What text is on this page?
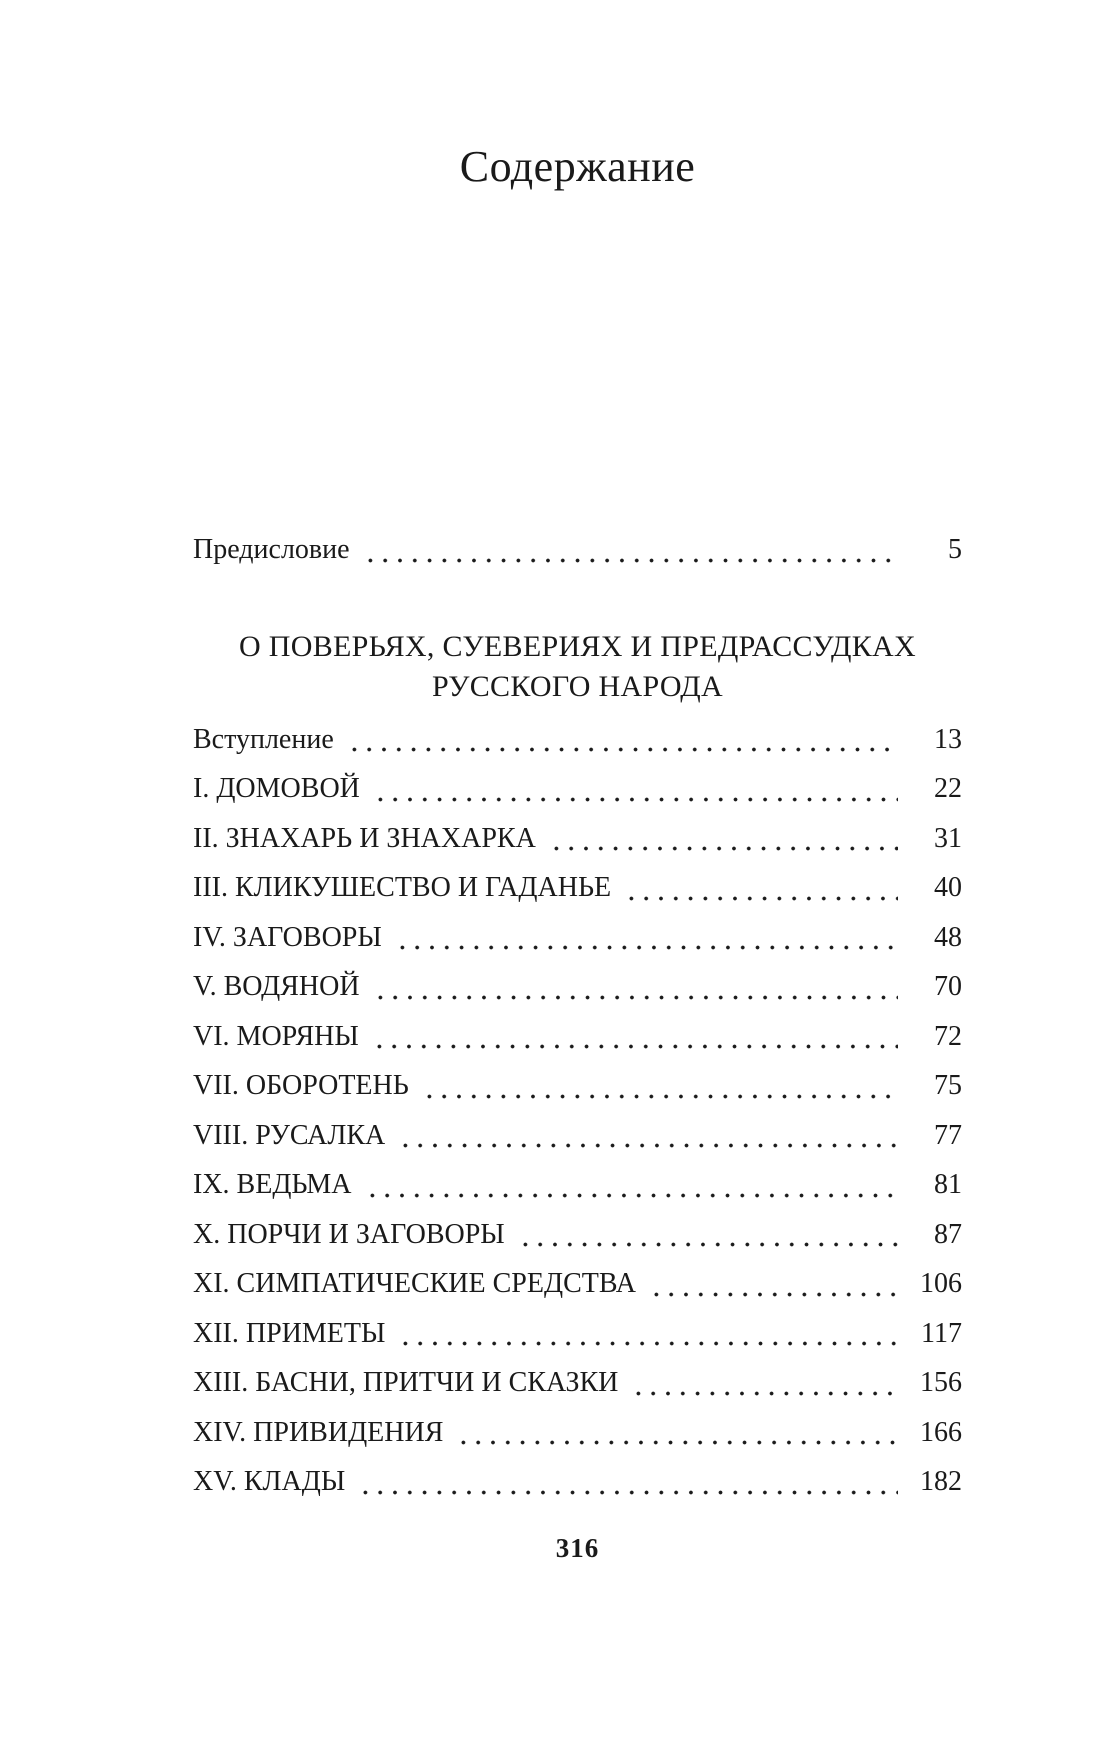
Содержание
Предисловие	5
О ПОВЕРЬЯХ, СУЕВЕРИЯХ И ПРЕДРАССУДКАХ
РУССКОГО НАРОДА
Вступление	13
I. ДОМОВОЙ	22
II. ЗНАХАРЬ И ЗНАХАРКА	31
III. КЛИКУШЕСТВО И ГАДАНЬЕ	40
IV. ЗАГОВОРЫ	48
V. ВОДЯНОЙ	70
VI. МОРЯНЫ	72
VII. ОБОРОТЕНЬ	75
VIII. РУСАЛКА	77
IX. ВЕДЬМА	81
X. ПОРЧИ И ЗАГОВОРЫ	87
XI. СИМПАТИЧЕСКИЕ СРЕДСТВА	106
XII. ПРИМЕТЫ	117
XIII. БАСНИ, ПРИТЧИ И СКАЗКИ	156
XIV. ПРИВИДЕНИЯ	166
XV. КЛАДЫ	182
316
